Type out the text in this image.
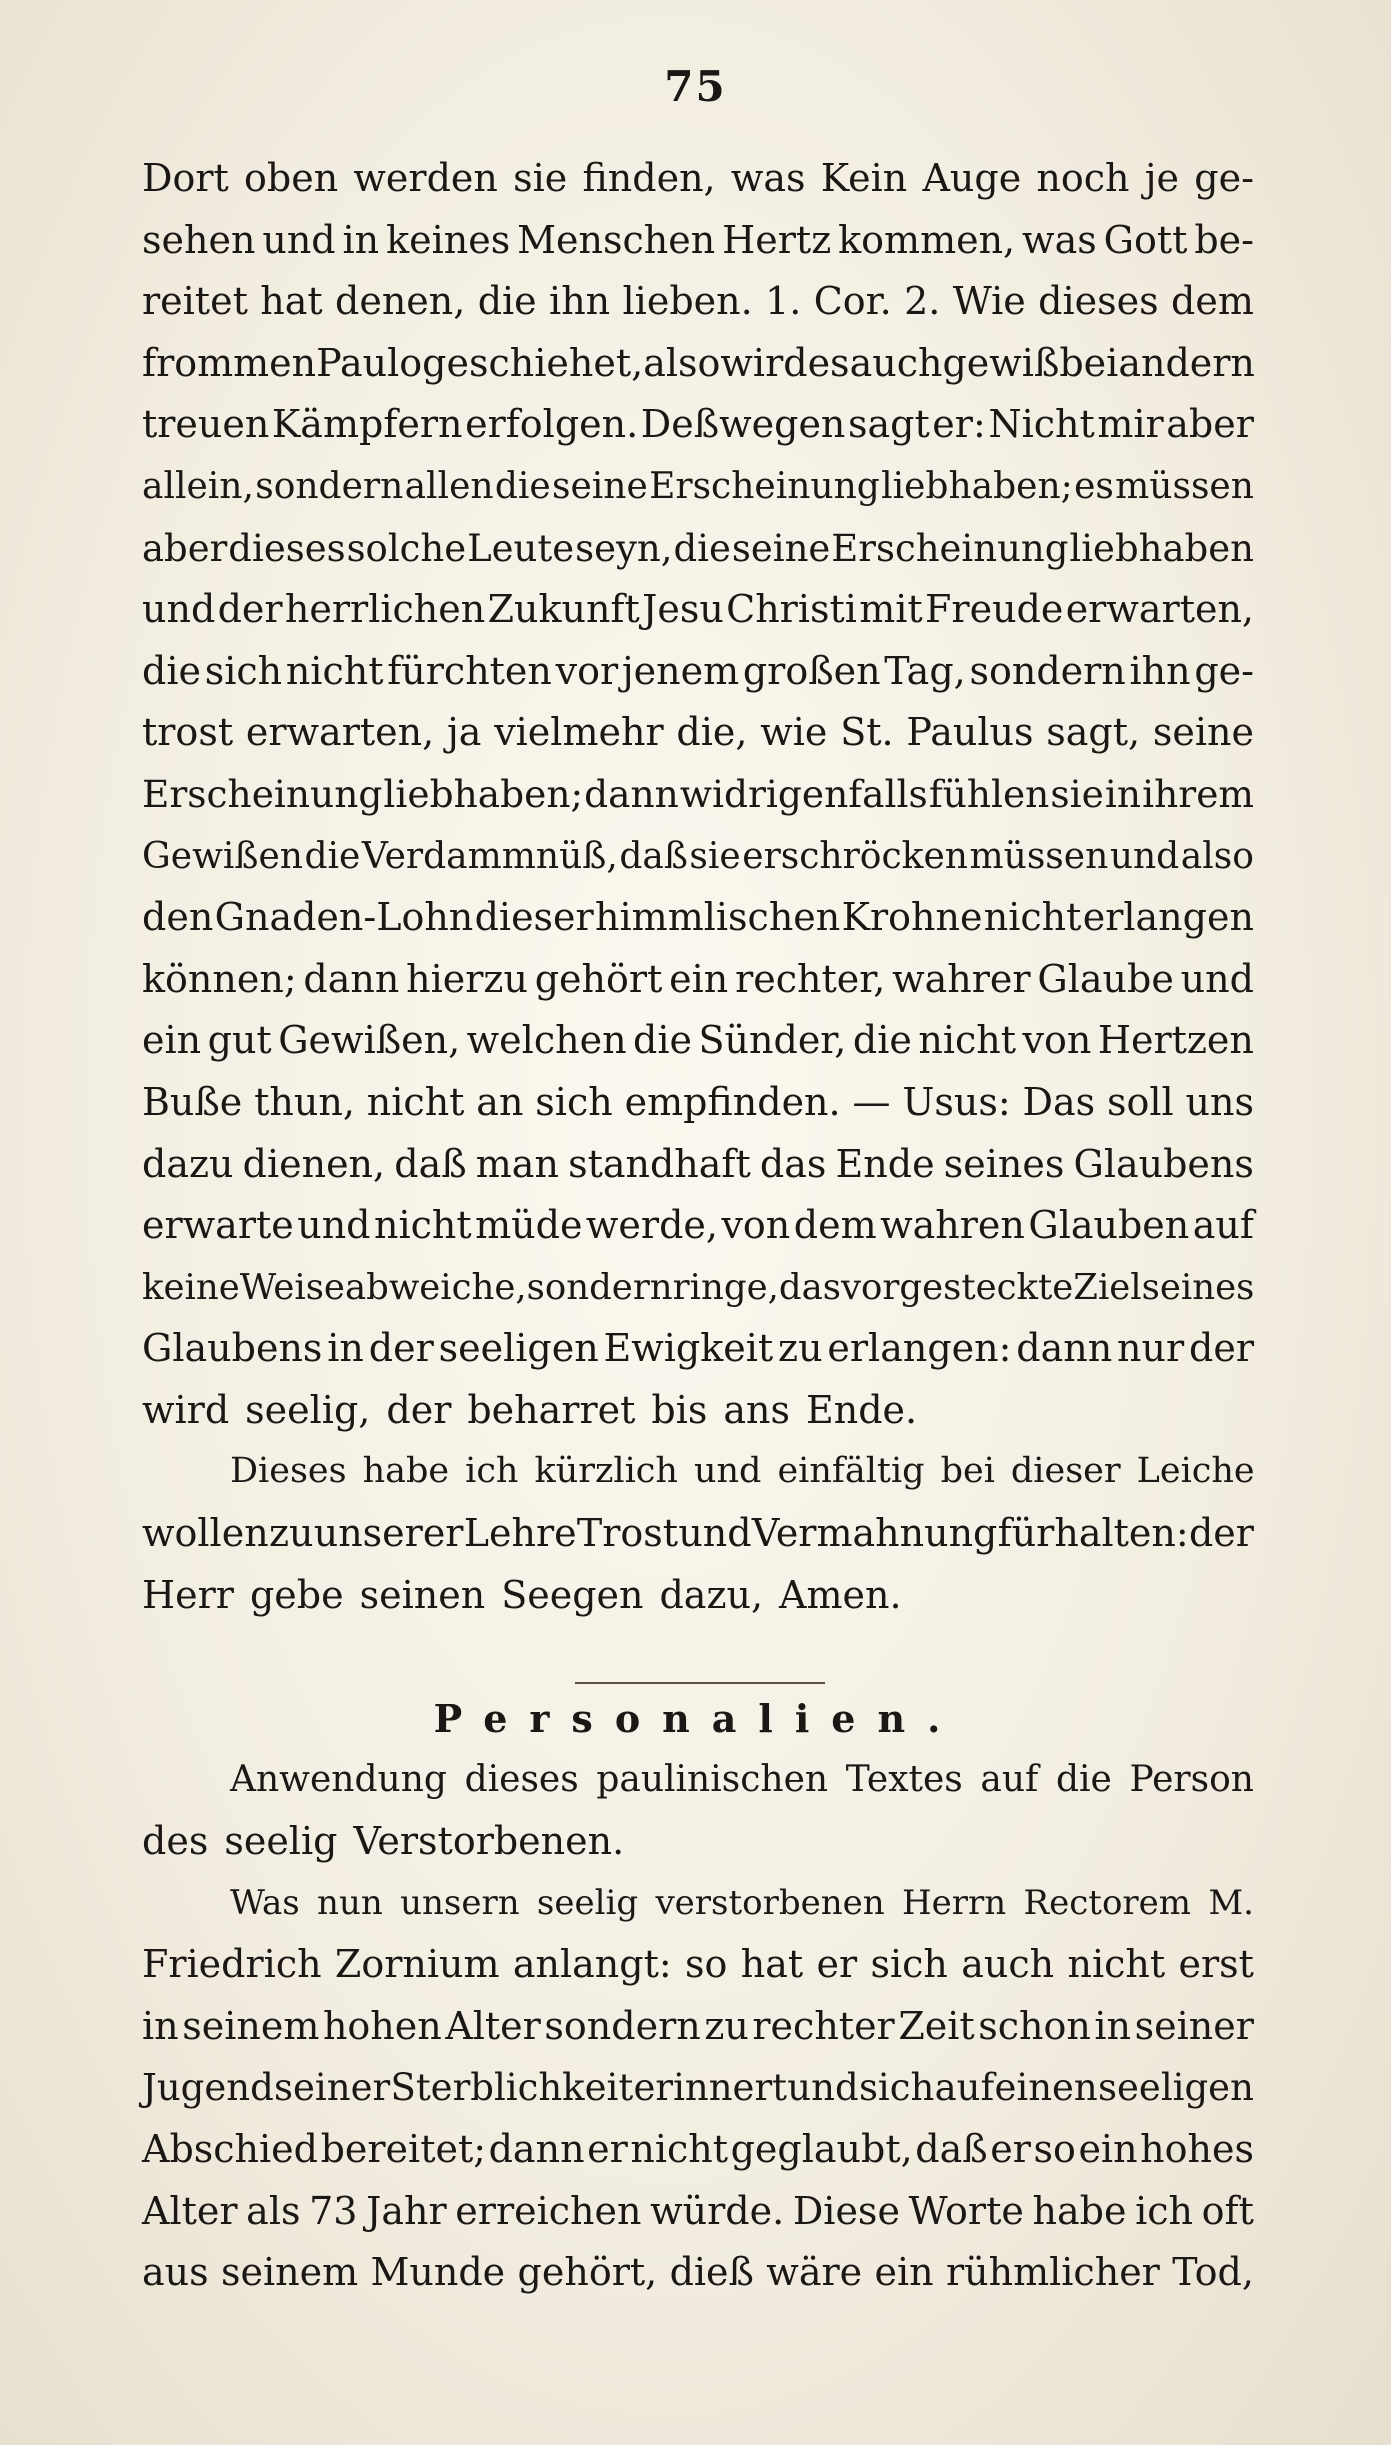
75
Dort oben werden sie finden, was Kein Auge noch je ge-
sehen und in keines Menschen Hertz kommen, was Gott be-
reitet hat denen, die ihn lieben. 1. Cor. 2. Wie dieses dem
frommen Paulo geschiehet, also wird es auch gewiß bei andern
treuen Kämpfern erfolgen. Deßwegen sagt er: Nicht mir aber
allein, sondern allen die seine Erscheinung liebhaben; es müssen
aber dieses solche Leute seyn, die seine Erscheinung liebhaben
und der herrlichen Zukunft Jesu Christi mit Freude erwarten,
die sich nicht fürchten vor jenem großen Tag, sondern ihn ge-
trost erwarten, ja vielmehr die, wie St. Paulus sagt, seine
Erscheinung liebhaben; dann widrigenfalls fühlen sie in ihrem
Gewißen die Verdammnüß, daß sie erschröcken müssen und also
den Gnaden-Lohn dieser himmlischen Krohne nicht erlangen
können; dann hierzu gehört ein rechter, wahrer Glaube und
ein gut Gewißen, welchen die Sünder, die nicht von Hertzen
Buße thun, nicht an sich empfinden. — Usus: Das soll uns
dazu dienen, daß man standhaft das Ende seines Glaubens
erwarte und nicht müde werde, von dem wahren Glauben auf
keine Weise abweiche, sondern ringe, das vorgesteckte Ziel seines
Glaubens in der seeligen Ewigkeit zu erlangen: dann nur der
wird seelig, der beharret bis ans Ende.
Dieses habe ich kürzlich und einfältig bei dieser Leiche
wollen zu unserer Lehre Trost und Vermahnung fürhalten: der
Herr gebe seinen Seegen dazu, Amen.
Personalien.
Anwendung dieses paulinischen Textes auf die Person
des seelig Verstorbenen.
Was nun unsern seelig verstorbenen Herrn Rectorem M.
Friedrich Zornium anlangt: so hat er sich auch nicht erst
in seinem hohen Alter sondern zu rechter Zeit schon in seiner
Jugend seiner Sterblichkeit erinnert und sich auf einen seeligen
Abschied bereitet; dann er nicht geglaubt, daß er so ein hohes
Alter als 73 Jahr erreichen würde. Diese Worte habe ich oft
aus seinem Munde gehört, dieß wäre ein rühmlicher Tod,
